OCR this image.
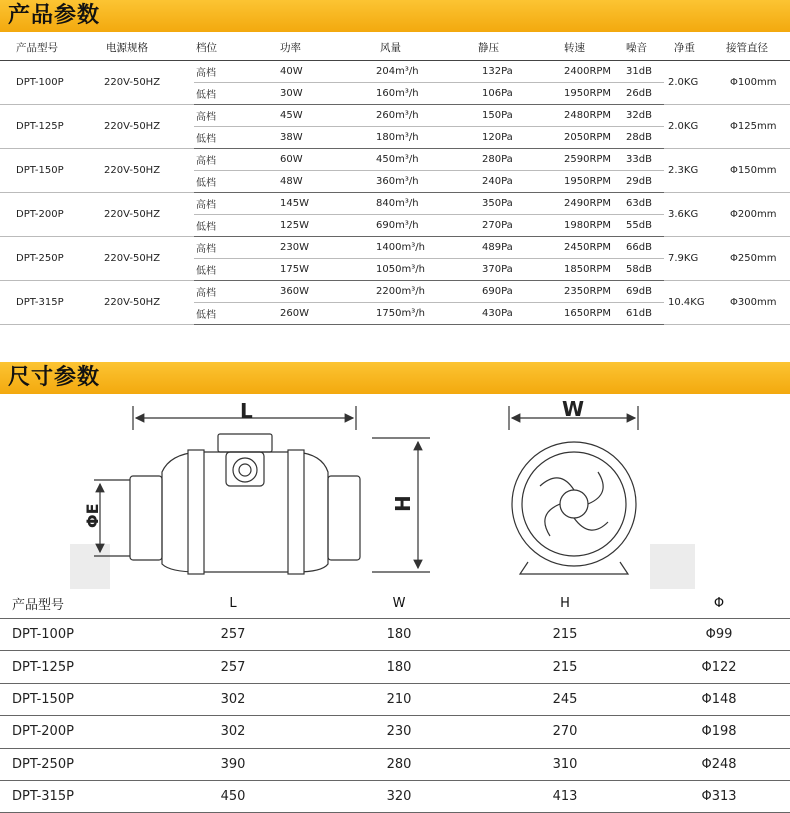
产品参数
产品型号	电源规格	档位	功率	风量	静压	转速	噪音	净重	接管直径
DPT-100P	220V-50HZ	高档	40W	204m³/h	132Pa	2400RPM	31dB	2.0KG	Φ100mm
		低档	30W	160m³/h	106Pa	1950RPM	26dB		
DPT-125P	220V-50HZ	高档	45W	260m³/h	150Pa	2480RPM	32dB	2.0KG	Φ125mm
		低档	38W	180m³/h	120Pa	2050RPM	28dB		
DPT-150P	220V-50HZ	高档	60W	450m³/h	280Pa	2590RPM	33dB	2.3KG	Φ150mm
		低档	48W	360m³/h	240Pa	1950RPM	29dB		
DPT-200P	220V-50HZ	高档	145W	840m³/h	350Pa	2490RPM	63dB	3.6KG	Φ200mm
		低档	125W	690m³/h	270Pa	1980RPM	55dB		
DPT-250P	220V-50HZ	高档	230W	1400m³/h	489Pa	2450RPM	66dB	7.9KG	Φ250mm
		低档	175W	1050m³/h	370Pa	1850RPM	58dB		
DPT-315P	220V-50HZ	高档	360W	2200m³/h	690Pa	2350RPM	69dB	10.4KG	Φ300mm
		低档	260W	1750m³/h	430Pa	1650RPM	61dB		
尺寸参数
L	W
H
ΦE
产品型号	L	W	H	Φ
DPT-100P	257	180	215	Φ99
DPT-125P	257	180	215	Φ122
DPT-150P	302	210	245	Φ148
DPT-200P	302	230	270	Φ198
DPT-250P	390	280	310	Φ248
DPT-315P	450	320	413	Φ313
